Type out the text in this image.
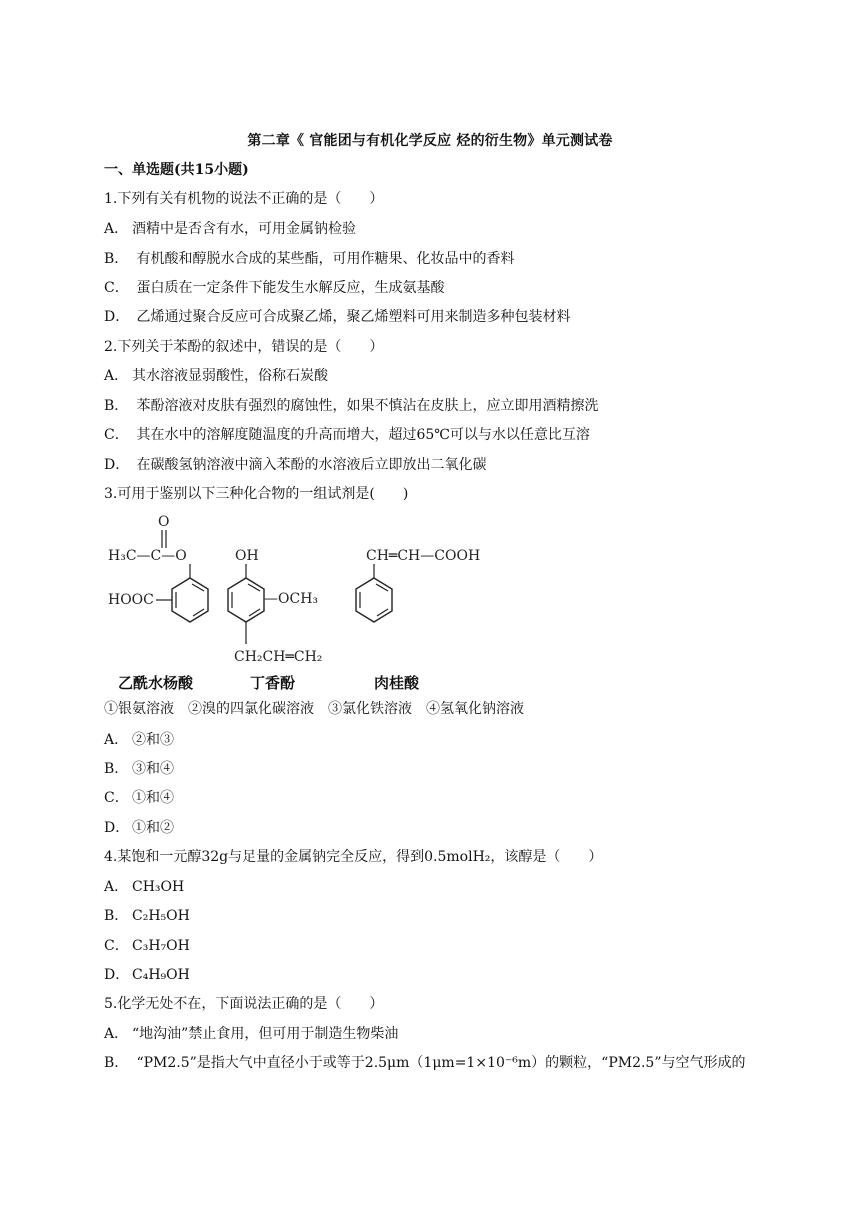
第二章《 官能团与有机化学反应 烃的衍生物》单元测试卷
一、单选题(共15小题)
1.下列有关有机物的说法不正确的是（　　）
A． 酒精中是否含有水，可用金属钠检验
B． 有机酸和醇脱水合成的某些酯，可用作糖果、化妆品中的香料
C． 蛋白质在一定条件下能发生水解反应，生成氨基酸
D． 乙烯通过聚合反应可合成聚乙烯，聚乙烯塑料可用来制造多种包装材料
2.下列关于苯酚的叙述中，错误的是（　　）
A． 其水溶液显弱酸性，俗称石炭酸
B． 苯酚溶液对皮肤有强烈的腐蚀性，如果不慎沾在皮肤上，应立即用酒精擦洗
C． 其在水中的溶解度随温度的升高而增大，超过65℃可以与水以任意比互溶
D． 在碳酸氢钠溶液中滴入苯酚的水溶液后立即放出二氧化碳
3.可用于鉴别以下三种化合物的一组试剂是(　　)
O
H₃C—C—O
HOOC
乙酰水杨酸
OH
—OCH₃
CH₂CH═CH₂
丁香酚
CH═CH—COOH
肉桂酸
①银氨溶液　②溴的四氯化碳溶液　③氯化铁溶液　④氢氧化钠溶液
A． ②和③
B． ③和④
C． ①和④
D． ①和②
4.某饱和一元醇32g与足量的金属钠完全反应，得到0.5molH₂，该醇是（　　）
A． CH₃OH
B． C₂H₅OH
C． C₃H₇OH
D． C₄H₉OH
5.化学无处不在，下面说法正确的是（　　）
A． “地沟油”禁止食用，但可用于制造生物柴油
B． “PM2.5”是指大气中直径小于或等于2.5μm（1μm=1×10⁻⁶m）的颗粒，“PM2.5”与空气形成的
